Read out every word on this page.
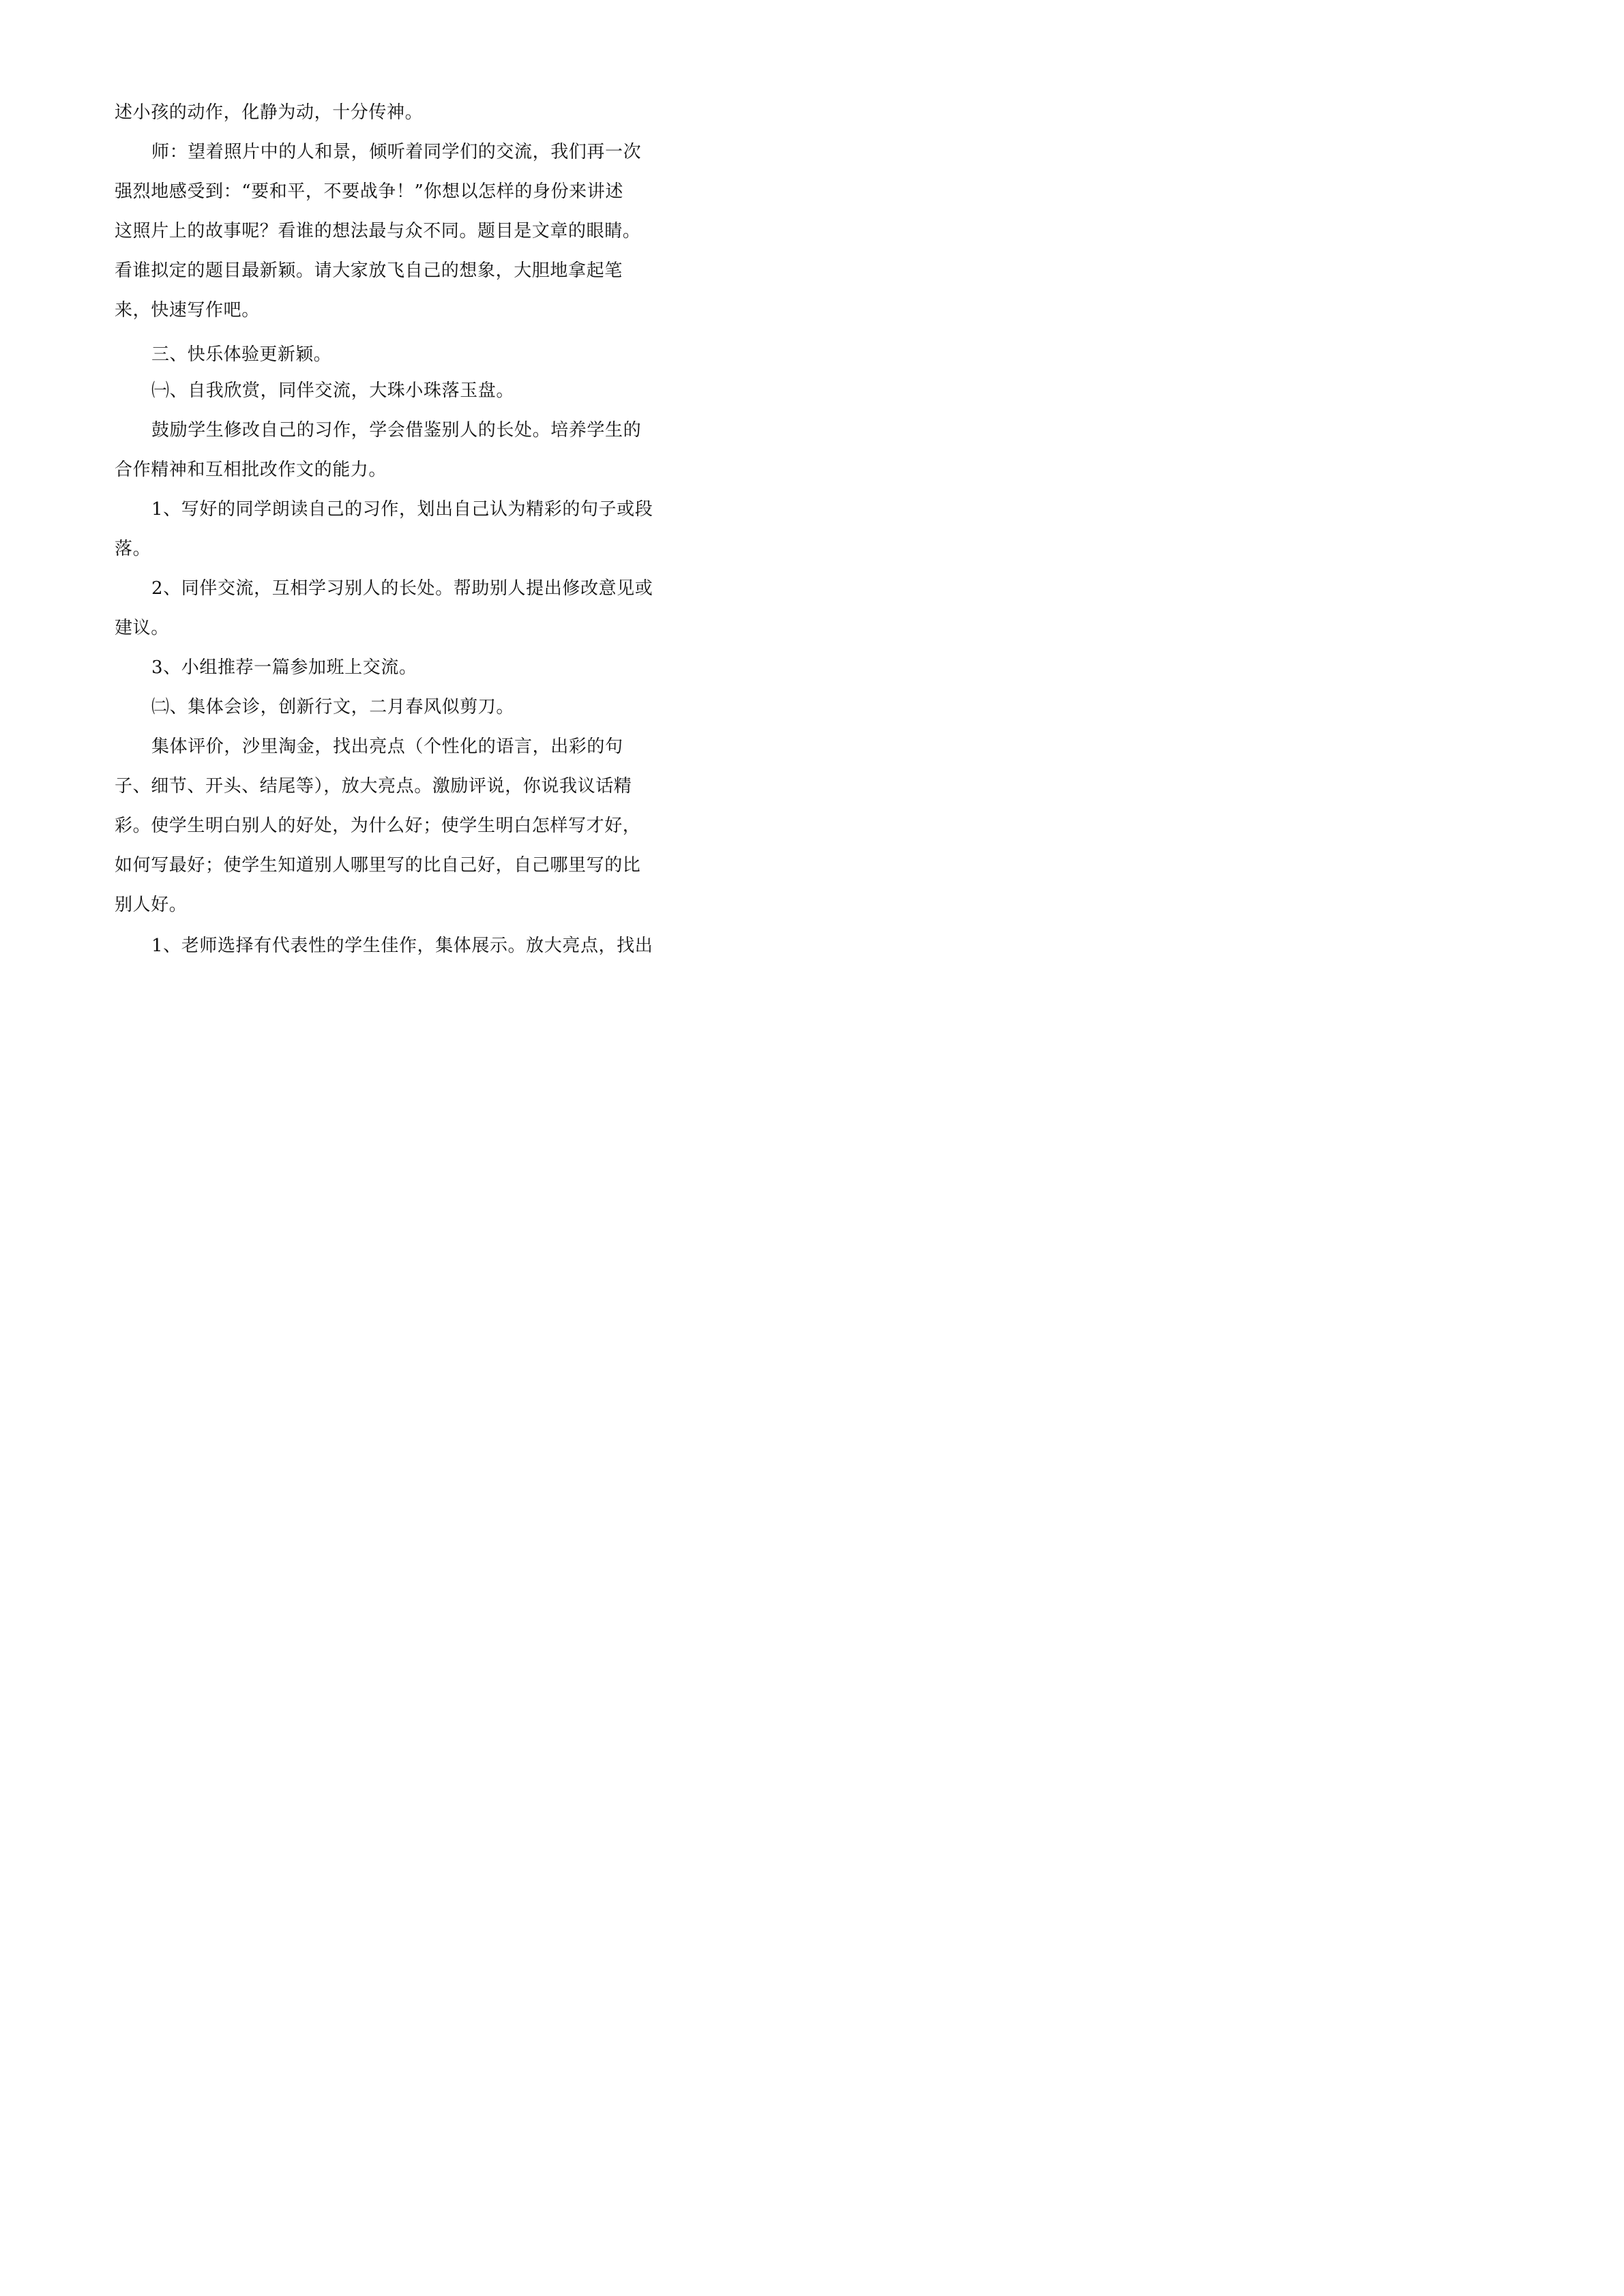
述小孩的动作，化静为动，十分传神。
师：望着照片中的人和景，倾听着同学们的交流，我们再一次
强烈地感受到：“要和平，不要战争！”你想以怎样的身份来讲述
这照片上的故事呢？看谁的想法最与众不同。题目是文章的眼睛。
看谁拟定的题目最新颖。请大家放飞自己的想象，大胆地拿起笔
来，快速写作吧。
三、快乐体验更新颖。
㈠、自我欣赏，同伴交流，大珠小珠落玉盘。
鼓励学生修改自己的习作，学会借鉴别人的长处。培养学生的
合作精神和互相批改作文的能力。
1、写好的同学朗读自己的习作，划出自己认为精彩的句子或段
落。
2、同伴交流，互相学习别人的长处。帮助别人提出修改意见或
建议。
3、小组推荐一篇参加班上交流。
㈡、集体会诊，创新行文，二月春风似剪刀。
集体评价，沙里淘金，找出亮点（个性化的语言，出彩的句
子、细节、开头、结尾等），放大亮点。激励评说，你说我议话精
彩。使学生明白别人的好处，为什么好；使学生明白怎样写才好，
如何写最好；使学生知道别人哪里写的比自己好，自己哪里写的比
别人好。
1、老师选择有代表性的学生佳作，集体展示。放大亮点，找出
